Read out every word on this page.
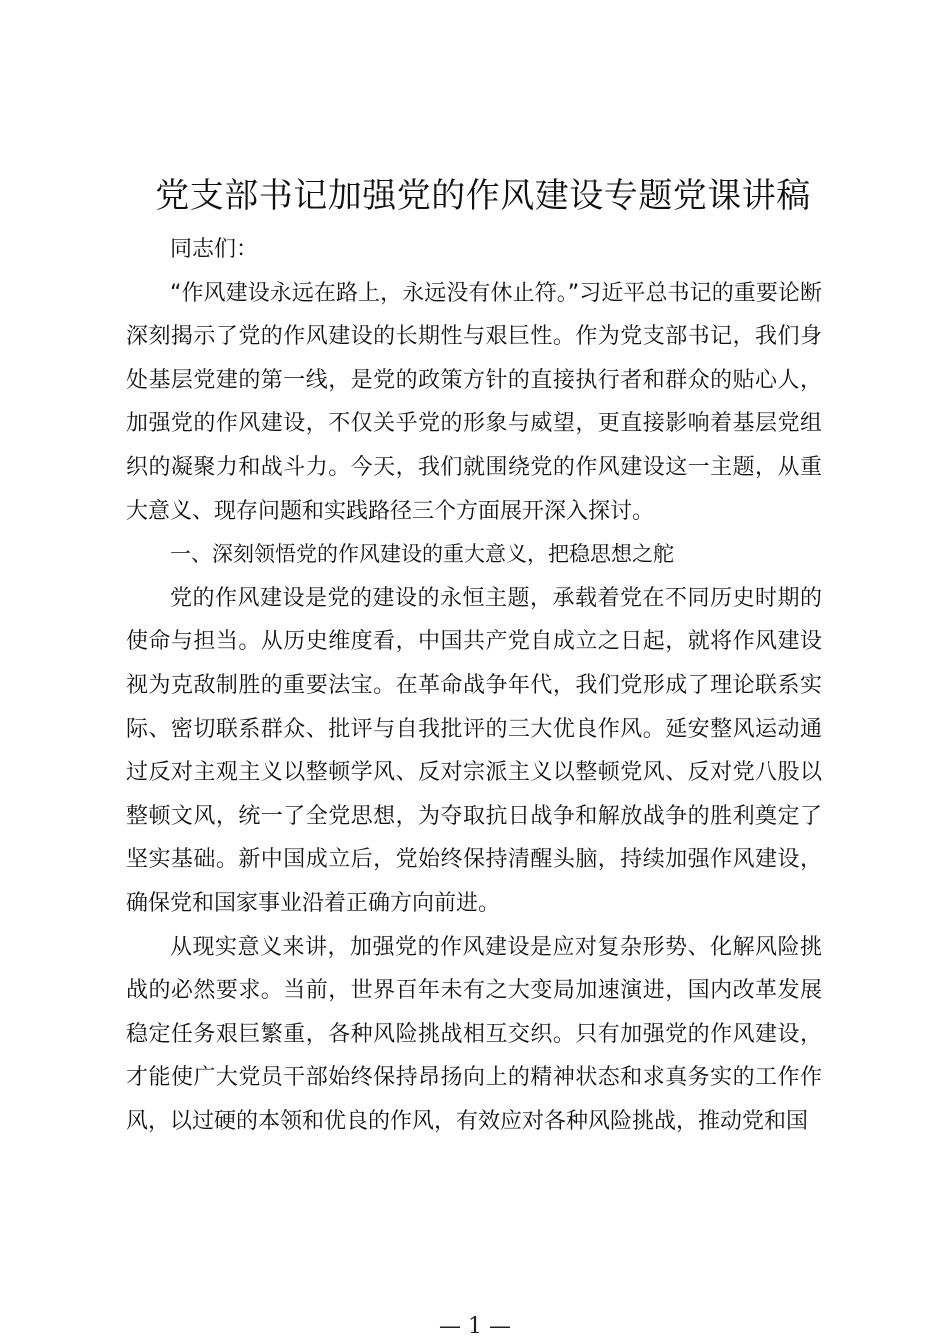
党支部书记加强党的作风建设专题党课讲稿

同志们：

“作风建设永远在路上，永远没有休止符。”习近平总书记的重要论断深刻揭示了党的作风建设的长期性与艰巨性。作为党支部书记，我们身处基层党建的第一线，是党的政策方针的直接执行者和群众的贴心人，加强党的作风建设，不仅关乎党的形象与威望，更直接影响着基层党组织的凝聚力和战斗力。今天，我们就围绕党的作风建设这一主题，从重大意义、现存问题和实践路径三个方面展开深入探讨。

一、深刻领悟党的作风建设的重大意义，把稳思想之舵

党的作风建设是党的建设的永恒主题，承载着党在不同历史时期的使命与担当。从历史维度看，中国共产党自成立之日起，就将作风建设视为克敌制胜的重要法宝。在革命战争年代，我们党形成了理论联系实际、密切联系群众、批评与自我批评的三大优良作风。延安整风运动通过反对主观主义以整顿学风、反对宗派主义以整顿党风、反对党八股以整顿文风，统一了全党思想，为夺取抗日战争和解放战争的胜利奠定了坚实基础。新中国成立后，党始终保持清醒头脑，持续加强作风建设，确保党和国家事业沿着正确方向前进。

从现实意义来讲，加强党的作风建设是应对复杂形势、化解风险挑战的必然要求。当前，世界百年未有之大变局加速演进，国内改革发展稳定任务艰巨繁重，各种风险挑战相互交织。只有加强党的作风建设，才能使广大党员干部始终保持昂扬向上的精神状态和求真务实的工作作风，以过硬的本领和优良的作风，有效应对各种风险挑战，推动党和国

— 1 —
